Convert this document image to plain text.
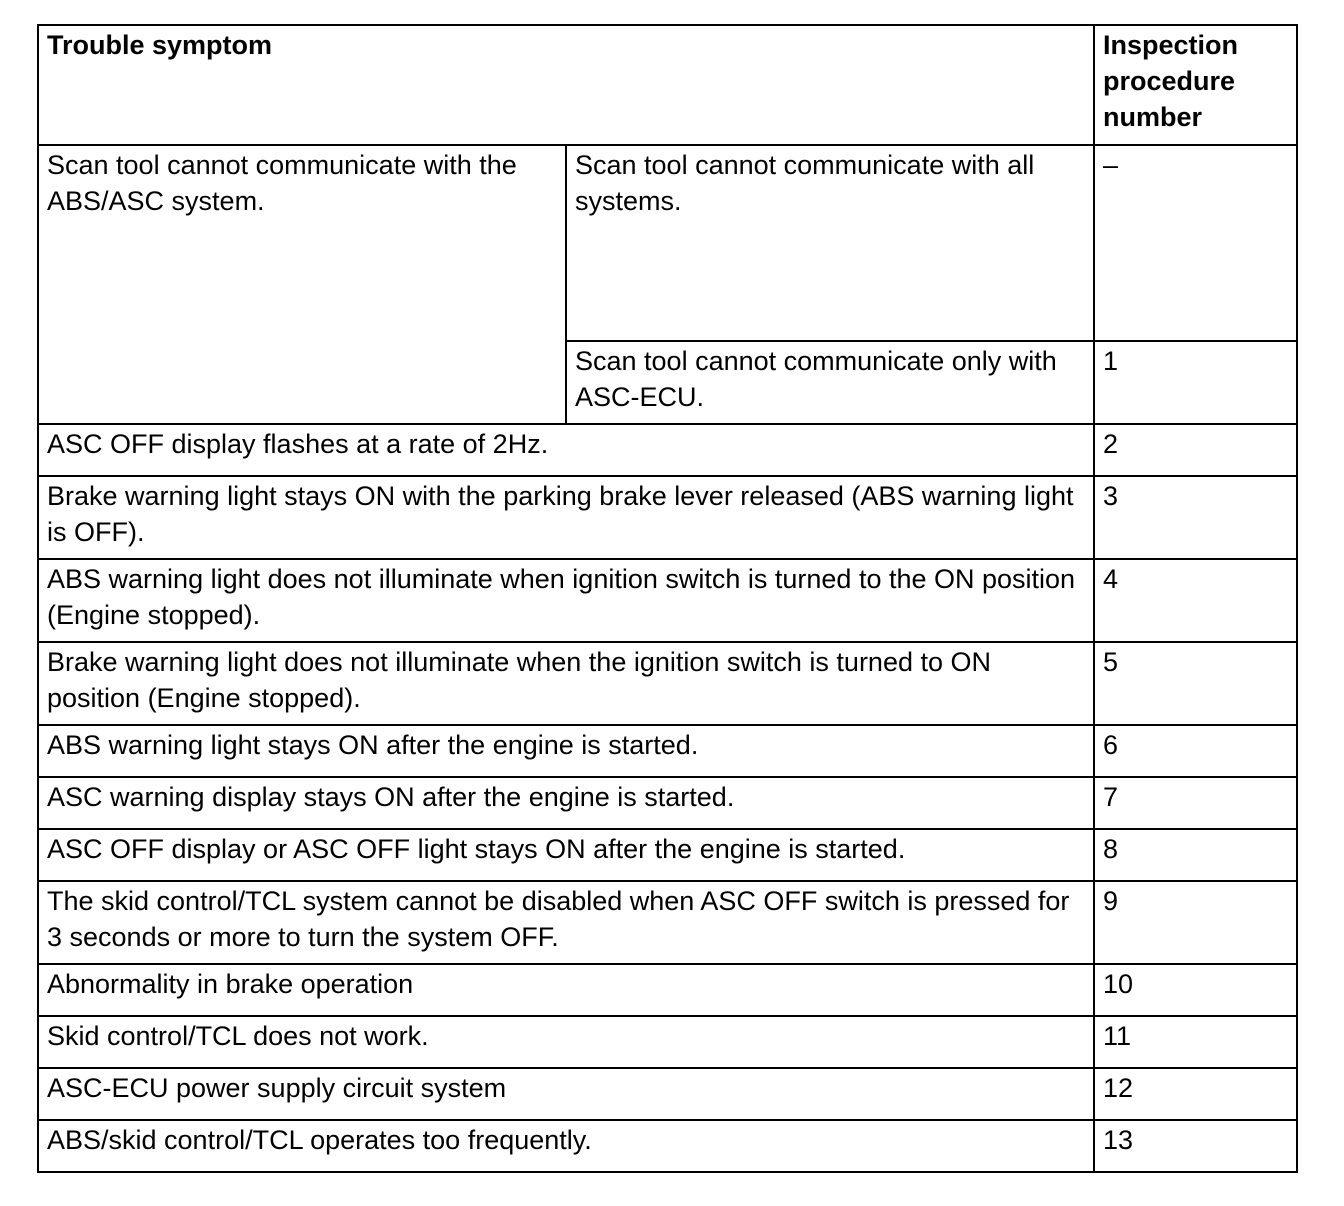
Trouble symptom		Inspection procedure number
Scan tool cannot communicate with the ABS/ASC system.	Scan tool cannot communicate with all systems.	–
	Scan tool cannot communicate only with ASC-ECU.	1
ASC OFF display flashes at a rate of 2Hz.		2
Brake warning light stays ON with the parking brake lever released (ABS warning light is OFF).		3
ABS warning light does not illuminate when ignition switch is turned to the ON position (Engine stopped).		4
Brake warning light does not illuminate when the ignition switch is turned to ON position (Engine stopped).		5
ABS warning light stays ON after the engine is started.		6
ASC warning display stays ON after the engine is started.		7
ASC OFF display or ASC OFF light stays ON after the engine is started.		8
The skid control/TCL system cannot be disabled when ASC OFF switch is pressed for 3 seconds or more to turn the system OFF.		9
Abnormality in brake operation		10
Skid control/TCL does not work.		11
ASC-ECU power supply circuit system		12
ABS/skid control/TCL operates too frequently.		13
